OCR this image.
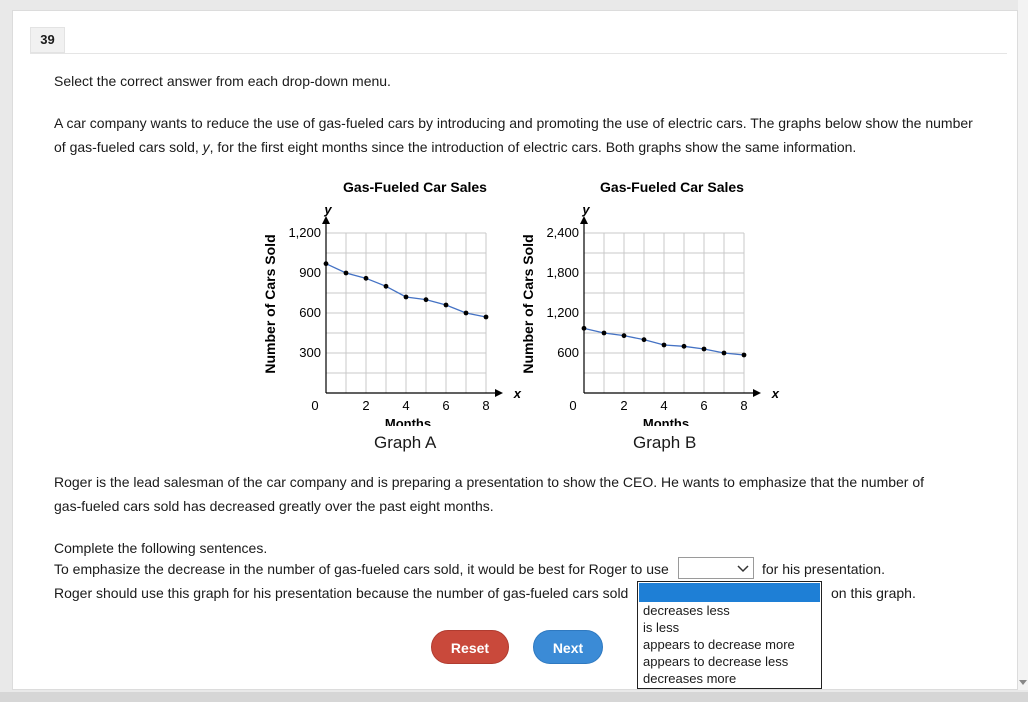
39
Select the correct answer from each drop-down menu.
A car company wants to reduce the use of gas-fueled cars by introducing and promoting the use of electric cars. The graphs below show the number
of gas-fueled cars sold, y, for the first eight months since the introduction of electric cars. Both graphs show the same information.
Gas-Fueled Car Sales
y
x
1,200
900
600
300
0	2	4	6	8
Months
Number of Cars Sold
Graph A
Gas-Fueled Car Sales
y
x
2,400
1,800
1,200
600
0	2	4	6	8
Months
Number of Cars Sold
Graph B
Roger is the lead salesman of the car company and is preparing a presentation to show the CEO. He wants to emphasize that the number of
gas-fueled cars sold has decreased greatly over the past eight months.
Complete the following sentences.
To emphasize the decrease in the number of gas-fueled cars sold, it would be best for Roger to use	for his presentation.
Roger should use this graph for his presentation because the number of gas-fueled cars sold	on this graph.
decreases less
is less
appears to decrease more
appears to decrease less
decreases more
Reset	Next
